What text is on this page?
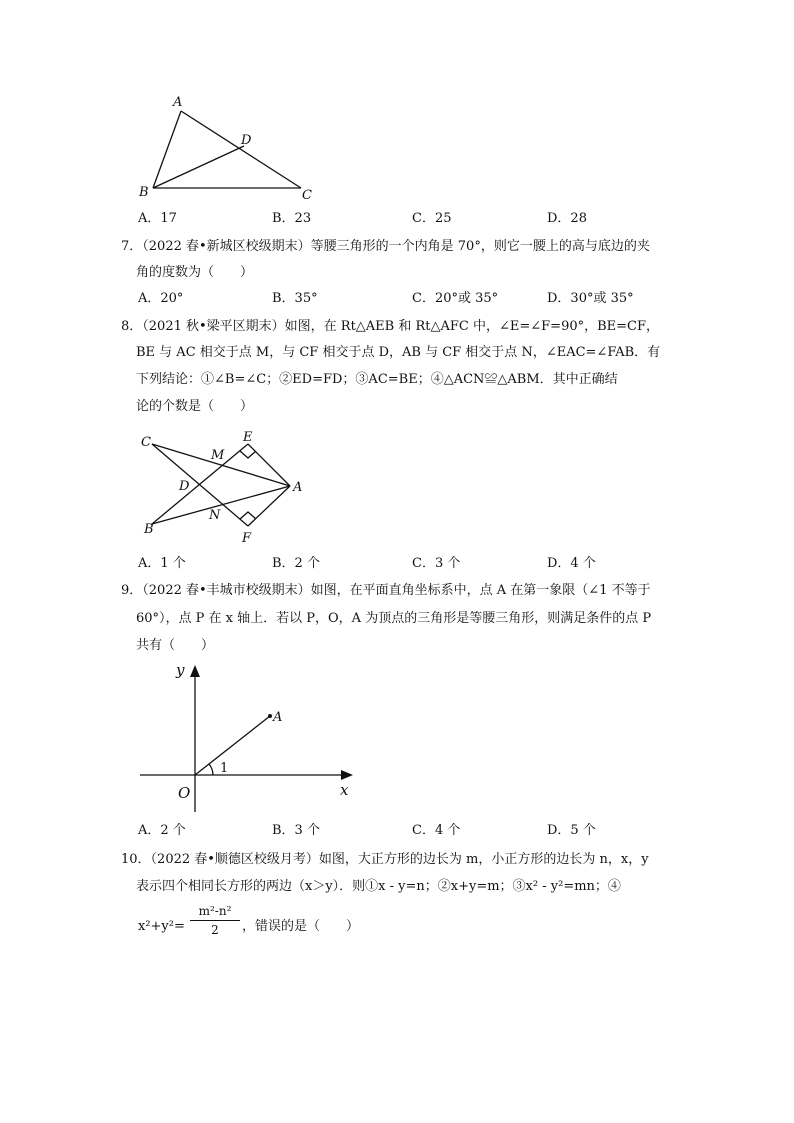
A
D
B	C
A．17	B．23	C．25	D．28
7．（2022 春•新城区校级期末）等腰三角形的一个内角是 70°，则它一腰上的高与底边的夹
角的度数为（　　）
A．20°	B．35°	C．20°或 35°	D．30°或 35°
8．（2021 秋•梁平区期末）如图，在 Rt△AEB 和 Rt△AFC 中，∠E=∠F=90°，BE=CF，
BE 与 AC 相交于点 M，与 CF 相交于点 D，AB 与 CF 相交于点 N，∠EAC=∠FAB．有
下列结论：①∠B=∠C；②ED=FD；③AC=BE；④△ACN≌△ABM．其中正确结
论的个数是（　　）
C	E
M
D	A
N
B
F
A．1 个	B．2 个	C．3 个	D．4 个
9．（2022 春•丰城市校级期末）如图，在平面直角坐标系中，点 A 在第一象限（∠1 不等于
60°），点 P 在 x 轴上．若以 P，O，A 为顶点的三角形是等腰三角形，则满足条件的点 P
共有（　　）
y
A
1
O	x
A．2 个	B．3 个	C．4 个	D．5 个
10．（2022 春•顺德区校级月考）如图，大正方形的边长为 m，小正方形的边长为 n，x，y
表示四个相同长方形的两边（x＞y）．则①x - y=n；②x+y=m；③x² - y²=mn；④
x²+y²=
m²-n²
2	，错误的是（　　）
